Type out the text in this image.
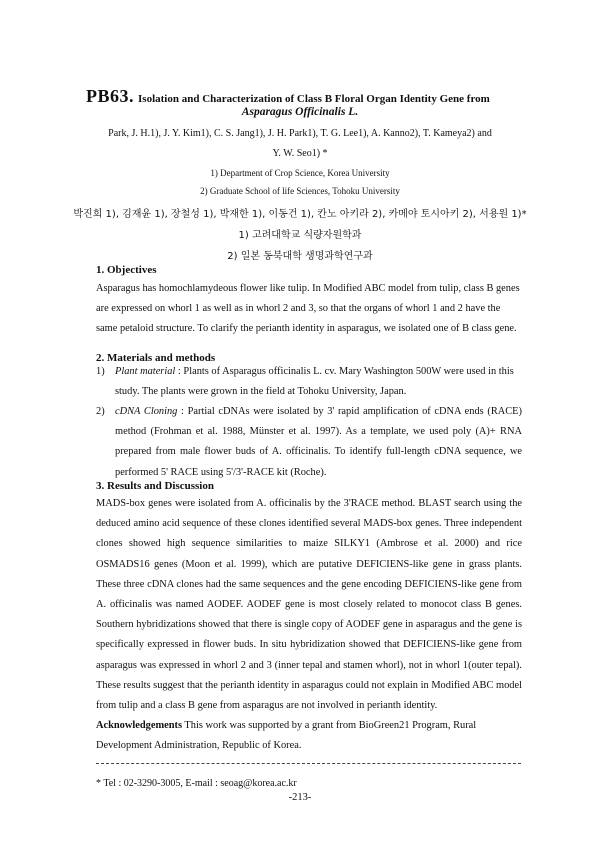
PB63. Isolation and Characterization of Class B Floral Organ Identity Gene from
Asparagus Officinalis L.
Park, J. H.1), J. Y. Kim1), C. S. Jang1), J. H. Park1), T. G. Lee1), A. Kanno2), T. Kameya2) and
Y. W. Seo1) *
1) Department of Crop Science, Korea University
2) Graduate School of life Sciences, Tohoku University
박진희 1), 김재윤 1), 장철성 1), 박재한 1), 이동건 1), 칸노 아키라 2), 카메야 토시아키 2), 서용원 1)*
1) 고려대학교 식량자원학과
2) 일본 동북대학 생명과학연구과
1. Objectives
Asparagus has homochlamydeous flower like tulip. In Modified ABC model from tulip, class B genes are expressed on whorl 1 as well as in whorl 2 and 3, so that the organs of whorl 1 and 2 have the same petaloid structure. To clarify the perianth identity in asparagus, we isolated one of B class gene.
2. Materials and methods
1) Plant material : Plants of Asparagus officinalis L. cv. Mary Washington 500W were used in this study. The plants were grown in the field at Tohoku University, Japan.
2) cDNA Cloning : Partial cDNAs were isolated by 3' rapid amplification of cDNA ends (RACE) method (Frohman et al. 1988, Münster et al. 1997). As a template, we used poly (A)+ RNA prepared from male flower buds of A. officinalis. To identify full-length cDNA sequence, we performed 5' RACE using 5'/3'-RACE kit (Roche).
3. Results and Discussion
MADS-box genes were isolated from A. officinalis by the 3'RACE method. BLAST search using the deduced amino acid sequence of these clones identified several MADS-box genes. Three independent clones showed high sequence similarities to maize SILKY1 (Ambrose et al. 2000) and rice OSMADS16 genes (Moon et al. 1999), which are putative DEFICIENS-like gene in grass plants. These three cDNA clones had the same sequences and the gene encoding DEFICIENS-like gene from A. officinalis was named AODEF. AODEF gene is most closely related to monocot class B genes. Southern hybridizations showed that there is single copy of AODEF gene in asparagus and the gene is specifically expressed in flower buds. In situ hybridization showed that DEFICIENS-like gene from asparagus was expressed in whorl 2 and 3 (inner tepal and stamen whorl), not in whorl 1(outer tepal). These results suggest that the perianth identity in asparagus could not explain in Modified ABC model from tulip and a class B gene from asparagus are not involved in perianth identity.
Acknowledgements This work was supported by a grant from BioGreen21 Program, Rural Development Administration, Republic of Korea.
* Tel : 02-3290-3005, E-mail : seoag@korea.ac.kr
-213-
